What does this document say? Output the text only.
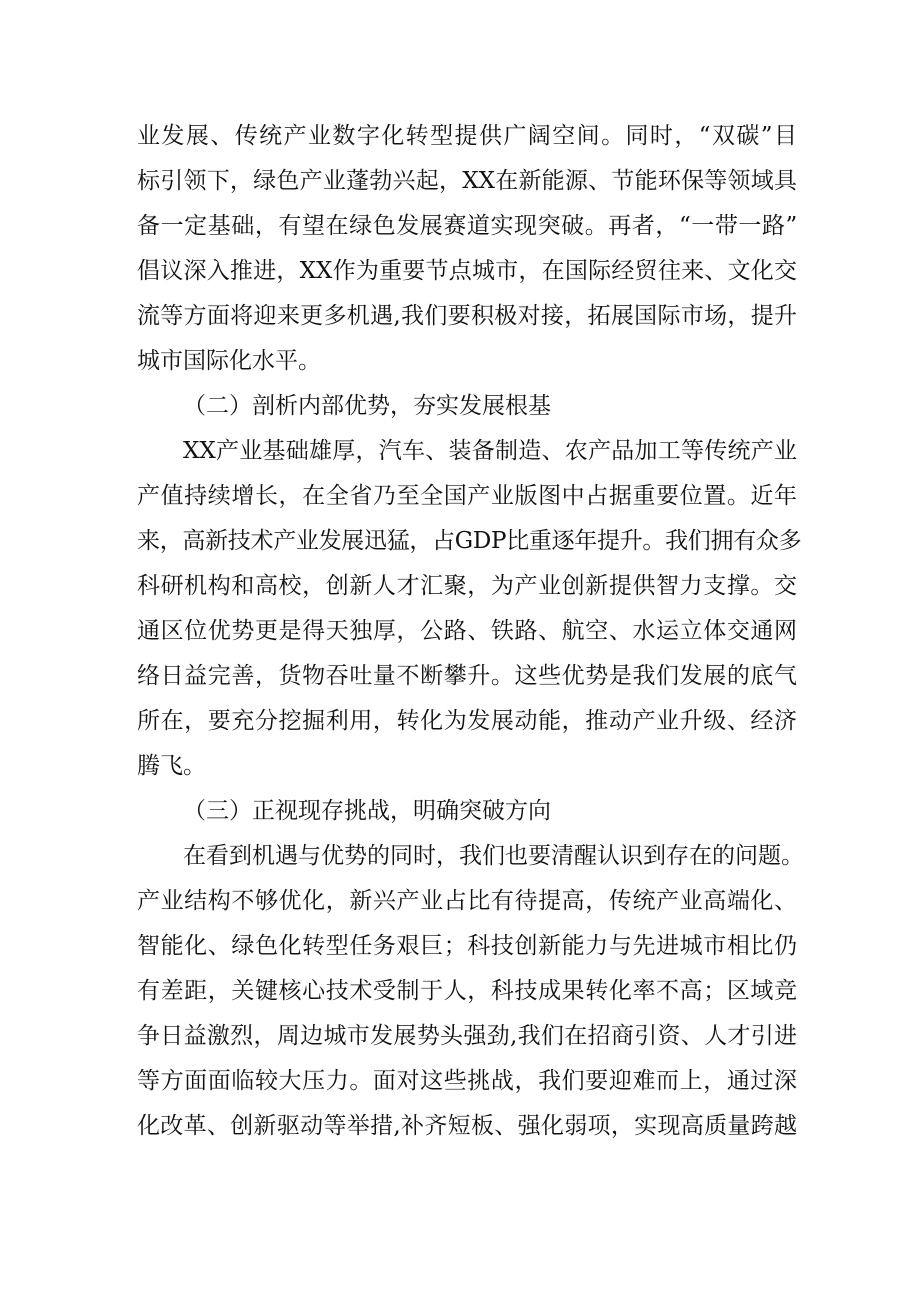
业发展、传统产业数字化转型提供广阔空间。同时，“双碳”目
标引领下，绿色产业蓬勃兴起，XX在新能源、节能环保等领域具
备一定基础，有望在绿色发展赛道实现突破。再者，“一带一路”
倡议深入推进，XX作为重要节点城市，在国际经贸往来、文化交
流等方面将迎来更多机遇,我们要积极对接，拓展国际市场，提升
城市国际化水平。
（二）剖析内部优势，夯实发展根基
XX产业基础雄厚，汽车、装备制造、农产品加工等传统产业
产值持续增长，在全省乃至全国产业版图中占据重要位置。近年
来，高新技术产业发展迅猛，占GDP比重逐年提升。我们拥有众多
科研机构和高校，创新人才汇聚，为产业创新提供智力支撑。交
通区位优势更是得天独厚，公路、铁路、航空、水运立体交通网
络日益完善，货物吞吐量不断攀升。这些优势是我们发展的底气
所在，要充分挖掘利用，转化为发展动能，推动产业升级、经济
腾飞。
（三）正视现存挑战，明确突破方向
在看到机遇与优势的同时，我们也要清醒认识到存在的问题。
产业结构不够优化，新兴产业占比有待提高，传统产业高端化、
智能化、绿色化转型任务艰巨；科技创新能力与先进城市相比仍
有差距，关键核心技术受制于人，科技成果转化率不高；区域竞
争日益激烈，周边城市发展势头强劲,我们在招商引资、人才引进
等方面面临较大压力。面对这些挑战，我们要迎难而上，通过深
化改革、创新驱动等举措,补齐短板、强化弱项，实现高质量跨越
